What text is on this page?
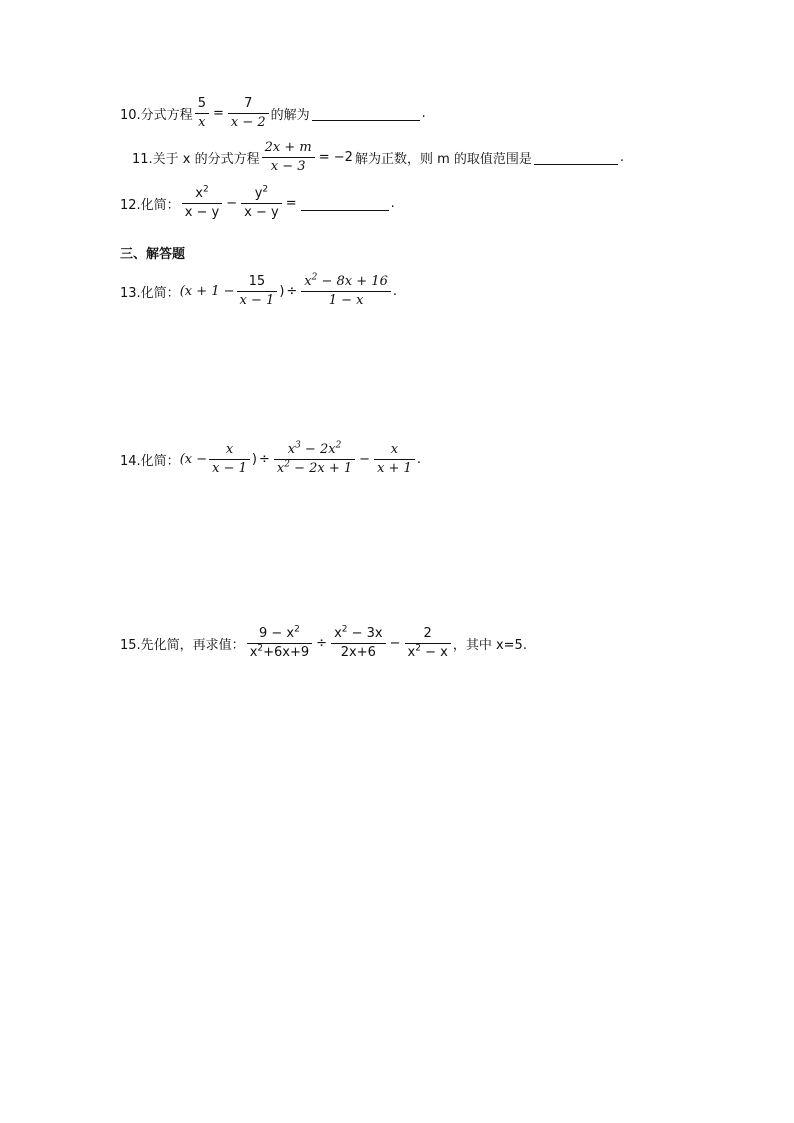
10.分式方程 $\frac{5}{x} = \frac{7}{x - 2}$ 的解为	.
11.关于 x 的分式方程 $\frac{2x + m}{x - 3} = -2$ 解为正数，则 m 的取值范围是	.
12.化简： $\frac{x^2}{x - y} - \frac{y^2}{x - y}$ =	.
三、解答题
13.化简： ($x + 1 - \frac{15}{x - 1}$ ) ÷ $\frac{x^2 - 8x + 16}{1 - x}$ .
14.化简： ($x - \frac{x}{x - 1}$ ) ÷ $\frac{x^3 - 2x^2}{x^2 - 2x + 1} - \frac{x}{x + 1}$ .
15.先化简，再求值： $\frac{9 - x^2}{x^2+6x+9} \div \frac{x^2 - 3x}{2x+6} - \frac{2}{x^2 - x}$ ，其中 x=5.
